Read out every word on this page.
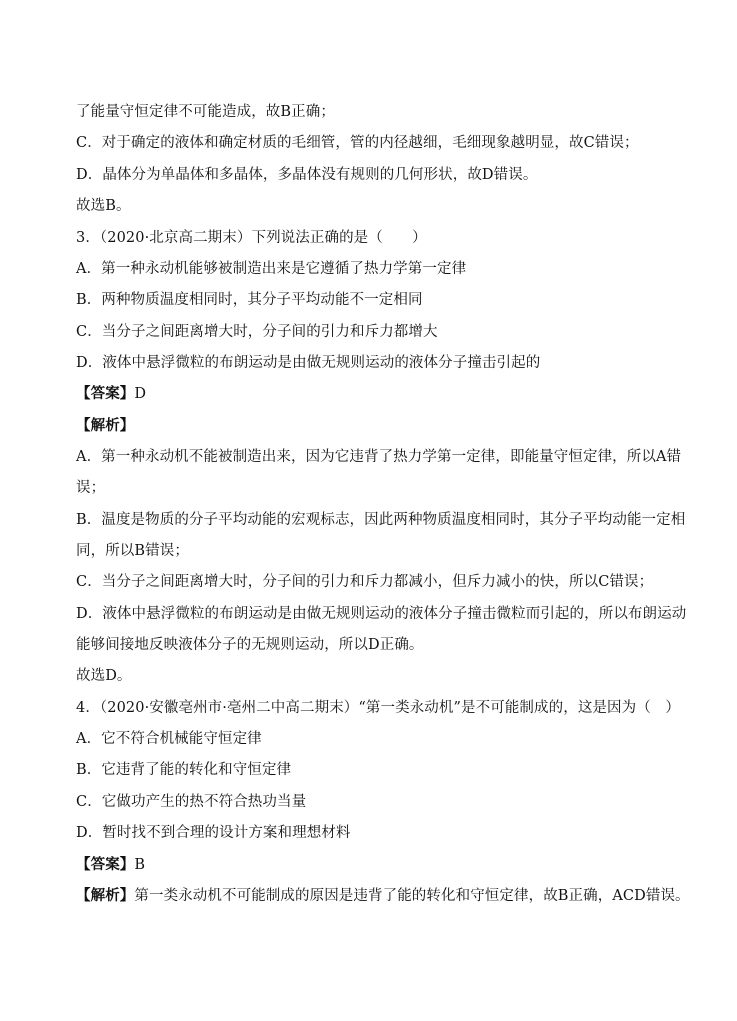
了能量守恒定律不可能造成，故B正确；
C．对于确定的液体和确定材质的毛细管，管的内径越细，毛细现象越明显，故C错误；
D．晶体分为单晶体和多晶体，多晶体没有规则的几何形状，故D错误。
故选B。
3．（2020·北京高二期末）下列说法正确的是（　　）
A．第一种永动机能够被制造出来是它遵循了热力学第一定律
B．两种物质温度相同时，其分子平均动能不一定相同
C．当分子之间距离增大时，分子间的引力和斥力都增大
D．液体中悬浮微粒的布朗运动是由做无规则运动的液体分子撞击引起的
【答案】D
【解析】
A．第一种永动机不能被制造出来，因为它违背了热力学第一定律，即能量守恒定律，所以A错
误；
B．温度是物质的分子平均动能的宏观标志，因此两种物质温度相同时，其分子平均动能一定相
同，所以B错误；
C．当分子之间距离增大时，分子间的引力和斥力都减小，但斥力减小的快，所以C错误；
D．液体中悬浮微粒的布朗运动是由做无规则运动的液体分子撞击微粒而引起的，所以布朗运动
能够间接地反映液体分子的无规则运动，所以D正确。
故选D。
4．（2020·安徽亳州市·亳州二中高二期末）“第一类永动机”是不可能制成的，这是因为（　）
A．它不符合机械能守恒定律
B．它违背了能的转化和守恒定律
C．它做功产生的热不符合热功当量
D．暂时找不到合理的设计方案和理想材料
【答案】B
【解析】第一类永动机不可能制成的原因是违背了能的转化和守恒定律，故B正确，ACD错误。
